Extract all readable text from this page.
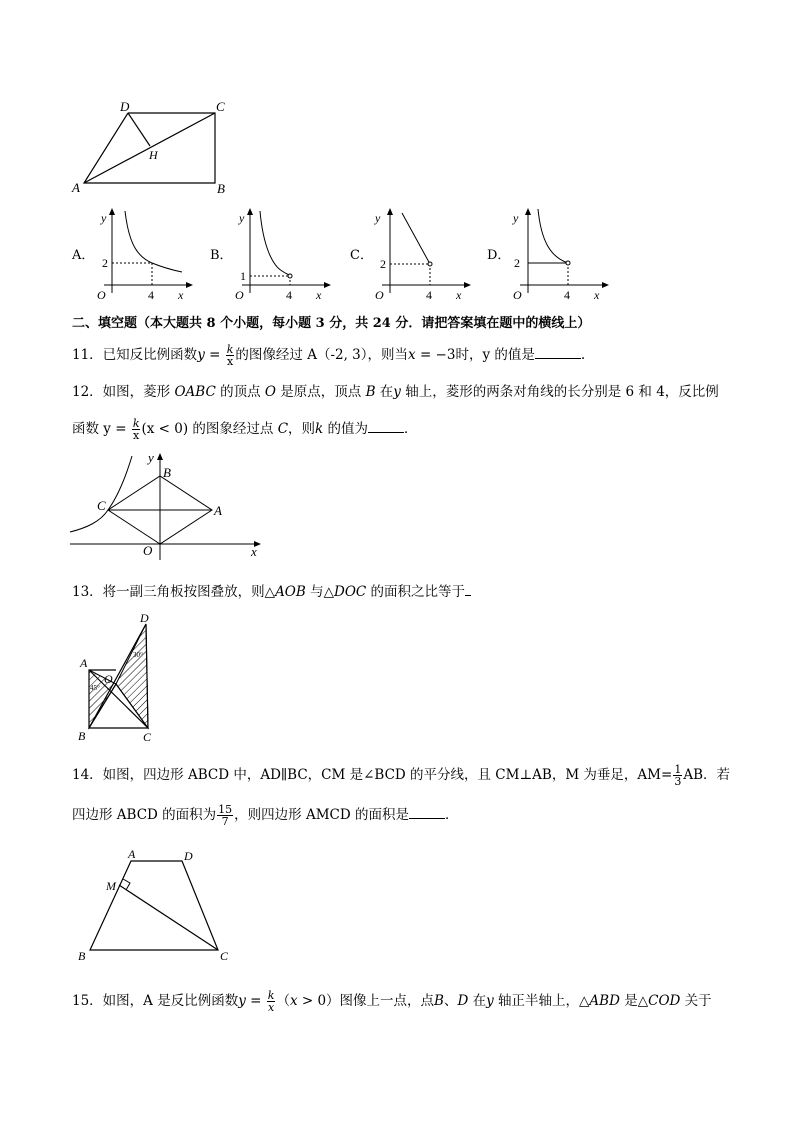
D	C
H
A	B
A．
y
x
O
2
4
B．
y
x
O
1
4
C．
y
x
O
2
4
D．
y
x
O
2
4
二、填空题（本大题共 8 个小题，每小题 3 分，共 24 分．请把答案填在题中的横线上）
11．已知反比例函数$y = \frac{k}{x}$ 的图像经过 A（-2, 3），则当x = −3时，y 的值是	.
12．如图，菱形 OABC 的顶点 O 是原点，顶点 B 在y 轴上，菱形的两条对角线的长分别是 6 和 4，反比例
函数 $y = \frac{k}{x} (x < 0)$ 的图象经过点 C，则k 的值为	．
y
B
C	A
O	x
13．将一副三角板按图叠放，则△AOB 与△DOC 的面积之比等于
D
A
O
B	C
30°
45°
14．如图，四边形 ABCD 中，AD∥BC，CM 是∠BCD 的平分线，且 CM⊥AB，M 为垂足，$AM= \frac{1}{3}$ AB．若
四边形 ABCD 的面积为 $\frac{15}{7}$ ，则四边形 AMCD 的面积是	．
A	D
M
B	C
15．如图，A 是反比例函数$y = \frac{k}{x} (x > 0)$图像上一点，点B、D 在y 轴正半轴上，△ABD 是△COD 关于
